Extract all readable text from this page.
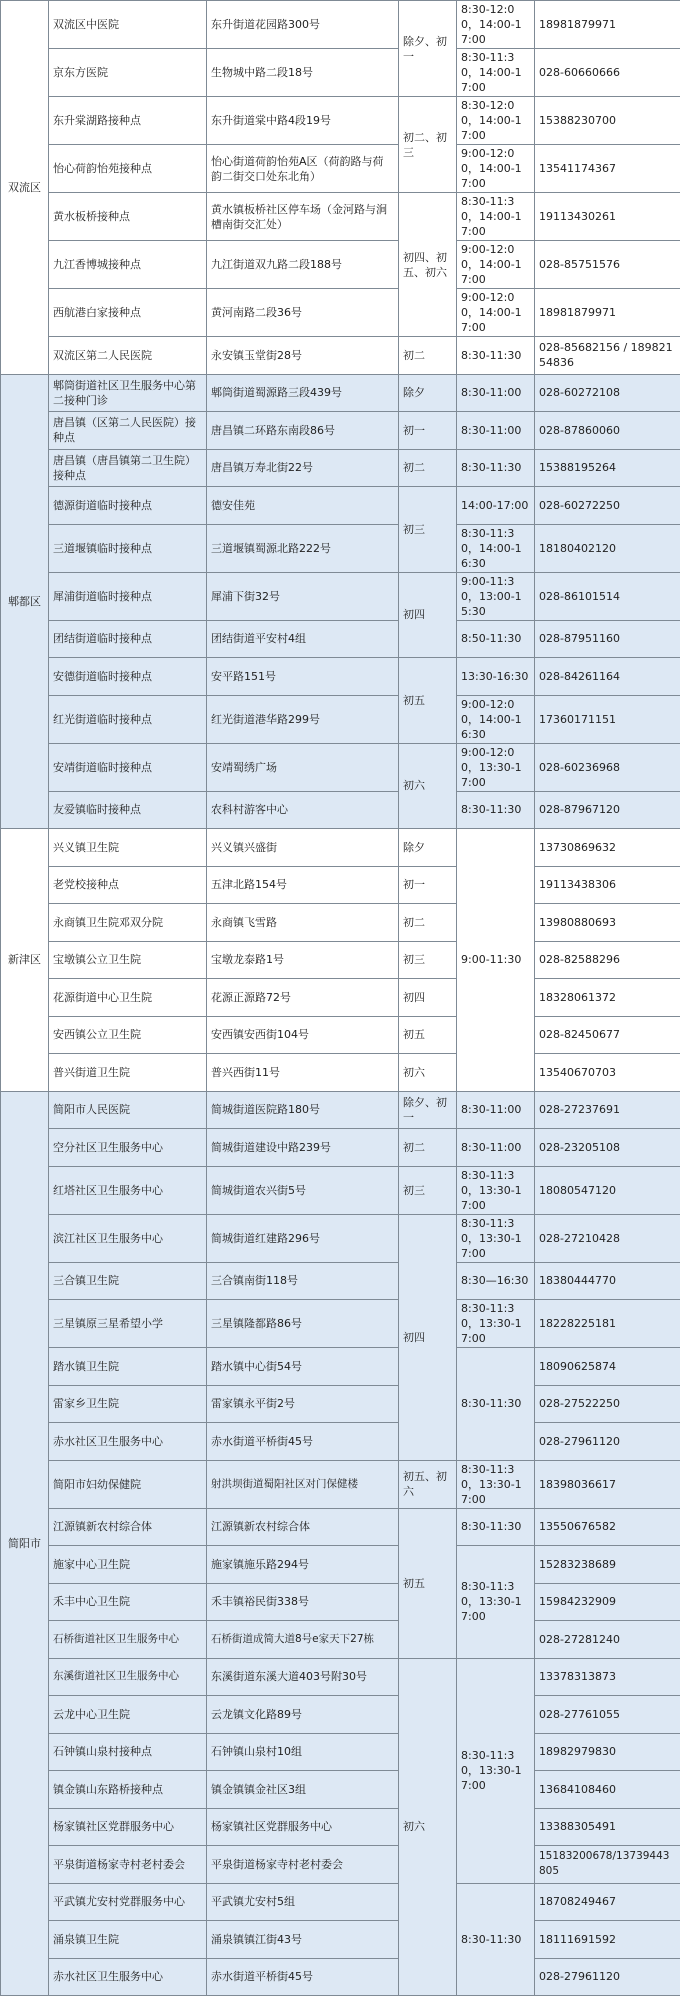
双流区	双流区中医院	东升街道花园路300号	除夕、初一	8:30-12:00，14:00-17:00	18981879971
	京东方医院	生物城中路二段18号		8:30-11:30，14:00-17:00	028-60660666
	东升棠湖路接种点	东升街道棠中路4段19号	初二、初三	8:30-12:00，14:00-17:00	15388230700
	怡心荷韵怡苑接种点	怡心街道荷韵怡苑A区（荷韵路与荷韵二街交口处东北角）		9:00-12:00，14:00-17:00	13541174367
	黄水板桥接种点	黄水镇板桥社区停车场（金河路与涧槽南街交汇处）	初四、初五、初六	8:30-11:30，14:00-17:00	19113430261
	九江香博城接种点	九江街道双九路二段188号		9:00-12:00，14:00-17:00	028-85751576
	西航港白家接种点	黄河南路二段36号		9:00-12:00，14:00-17:00	18981879971
	双流区第二人民医院	永安镇玉堂街28号	初二	8:30-11:30	028-85682156 / 18982154836
郫都区	郫筒街道社区卫生服务中心第二接种门诊	郫筒街道蜀源路三段439号	除夕	8:30-11:00	028-60272108
	唐昌镇（区第二人民医院）接种点	唐昌镇二环路东南段86号	初一	8:30-11:00	028-87860060
	唐昌镇（唐昌镇第二卫生院）接种点	唐昌镇万寿北街22号	初二	8:30-11:30	15388195264
	德源街道临时接种点	德安佳苑	初三	14:00-17:00	028-60272250
	三道堰镇临时接种点	三道堰镇蜀源北路222号		8:30-11:30，14:00-16:30	18180402120
	犀浦街道临时接种点	犀浦下街32号	初四	9:00-11:30，13:00-15:30	028-86101514
	团结街道临时接种点	团结街道平安村4组		8:50-11:30	028-87951160
	安德街道临时接种点	安平路151号	初五	13:30-16:30	028-84261164
	红光街道临时接种点	红光街道港华路299号		9:00-12:00，14:00-16:30	17360171151
	安靖街道临时接种点	安靖蜀绣广场	初六	9:00-12:00，13:30-17:00	028-60236968
	友爱镇临时接种点	农科村游客中心		8:30-11:30	028-87967120
新津区	兴义镇卫生院	兴义镇兴盛街	除夕	9:00-11:30	13730869632
	老党校接种点	五津北路154号	初一		19113438306
	永商镇卫生院邓双分院	永商镇飞雪路	初二		13980880693
	宝墩镇公立卫生院	宝墩龙泰路1号	初三		028-82588296
	花源街道中心卫生院	花源正源路72号	初四		18328061372
	安西镇公立卫生院	安西镇安西街104号	初五		028-82450677
	普兴街道卫生院	普兴西街11号	初六		13540670703
简阳市	简阳市人民医院	简城街道医院路180号	除夕、初一	8:30-11:00	028-27237691
	空分社区卫生服务中心	简城街道建设中路239号	初二	8:30-11:00	028-23205108
	红塔社区卫生服务中心	简城街道农兴街5号	初三	8:30-11:30，13:30-17:00	18080547120
	滨江社区卫生服务中心	简城街道红建路296号	初四	8:30-11:30，13:30-17:00	028-27210428
	三合镇卫生院	三合镇南街118号		8:30—16:30	18380444770
	三星镇原三星希望小学	三星镇隆都路86号		8:30-11:30，13:30-17:00	18228225181
	踏水镇卫生院	踏水镇中心街54号		8:30-11:30	18090625874
	雷家乡卫生院	雷家镇永平街2号			028-27522250
	赤水社区卫生服务中心	赤水街道平桥街45号			028-27961120
	简阳市妇幼保健院	射洪坝街道蜀阳社区对门保健楼	初五、初六	8:30-11:30，13:30-17:00	18398036617
	江源镇新农村综合体	江源镇新农村综合体	初五	8:30-11:30	13550676582
	施家中心卫生院	施家镇施乐路294号		8:30-11:30，13:30-17:00	15283238689
	禾丰中心卫生院	禾丰镇裕民街338号			15984232909
	石桥街道社区卫生服务中心	石桥街道成简大道8号e家天下27栋			028-27281240
	东溪街道社区卫生服务中心	东溪街道东溪大道403号附30号	初六	8:30-11:30，13:30-17:00	13378313873
	云龙中心卫生院	云龙镇文化路89号			028-27761055
	石钟镇山泉村接种点	石钟镇山泉村10组			18982979830
	镇金镇山东路桥接种点	镇金镇镇金社区3组			13684108460
	杨家镇社区党群服务中心	杨家镇社区党群服务中心			13388305491
	平泉街道杨家寺村老村委会	平泉街道杨家寺村老村委会			15183200678/13739443805
	平武镇尤安村党群服务中心	平武镇尤安村5组		8:30-11:30	18708249467
	涌泉镇卫生院	涌泉镇镇江街43号			18111691592
	赤水社区卫生服务中心	赤水街道平桥街45号			028-27961120
